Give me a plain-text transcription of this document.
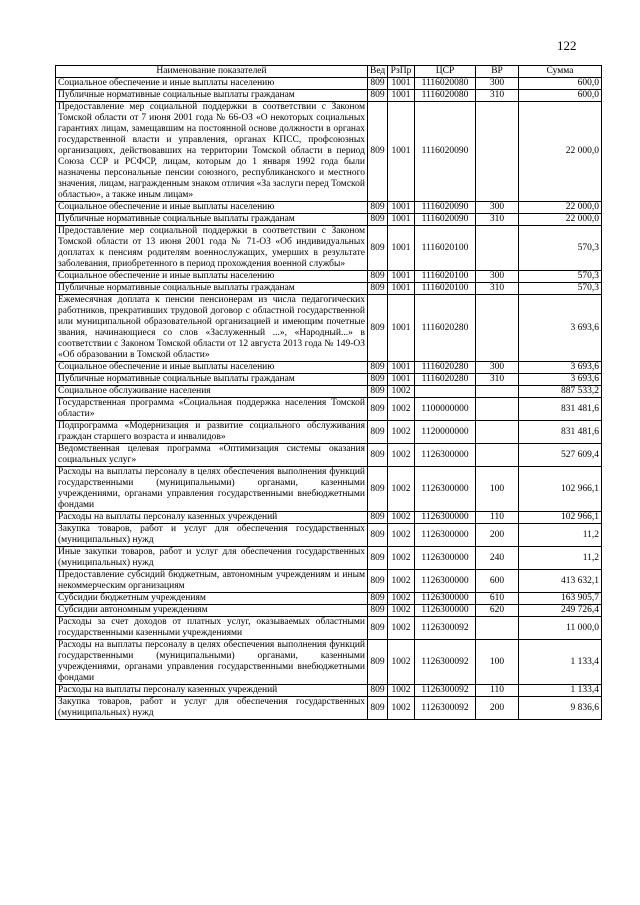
122
Наименование показателей	Вед	РзПр	ЦСР	ВР	Сумма
Социальное обеспечение и иные выплаты населению	809	1001	1116020080	300	600,0
Публичные нормативные социальные выплаты гражданам	809	1001	1116020080	310	600,0
Предоставление мер социальной поддержки в соответствии с Законом Томской области от 7 июня 2001 года № 66-ОЗ «О некоторых социальных гарантиях лицам, замещавшим на постоянной основе должности в органах государственной власти и управления, органах КПСС, профсоюзных организациях, действовавших на территории Томской области в период Союза ССР и РСФСР, лицам, которым до 1 января 1992 года были назначены персональные пенсии союзного, республиканского и местного значения, лицам, награжденным знаком отличия «За заслуги перед Томской областью», а также иным лицам»	809	1001	1116020090		22 000,0
Социальное обеспечение и иные выплаты населению	809	1001	1116020090	300	22 000,0
Публичные нормативные социальные выплаты гражданам	809	1001	1116020090	310	22 000,0
Предоставление мер социальной поддержки в соответствии с Законом Томской области от 13 июня 2001 года № 71-ОЗ «Об индивидуальных доплатах к пенсиям родителям военнослужащих, умерших в результате заболевания, приобретенного в период прохождения военной службы»	809	1001	1116020100		570,3
Социальное обеспечение и иные выплаты населению	809	1001	1116020100	300	570,3
Публичные нормативные социальные выплаты гражданам	809	1001	1116020100	310	570,3
Ежемесячная доплата к пенсии пенсионерам из числа педагогических работников, прекративших трудовой договор с областной государственной или муниципальной образовательной организацией и имеющим почетные звания, начинающиеся со слов «Заслуженный ...», «Народный...» в соответствии с Законом Томской области от 12 августа 2013 года № 149-ОЗ «Об образовании в Томской области»	809	1001	1116020280		3 693,6
Социальное обеспечение и иные выплаты населению	809	1001	1116020280	300	3 693,6
Публичные нормативные социальные выплаты гражданам	809	1001	1116020280	310	3 693,6
Социальное обслуживание населения	809	1002			887 533,2
Государственная программа «Социальная поддержка населения Томской области»	809	1002	1100000000		831 481,6
Подпрограмма «Модернизация и развитие социального обслуживания граждан старшего возраста и инвалидов»	809	1002	1120000000		831 481,6
Ведомственная целевая программа «Оптимизация системы оказания социальных услуг»	809	1002	1126300000		527 609,4
Расходы на выплаты персоналу в целях обеспечения выполнения функций государственными (муниципальными) органами, казенными учреждениями, органами управления государственными внебюджетными фондами	809	1002	1126300000	100	102 966,1
Расходы на выплаты персоналу казенных учреждений	809	1002	1126300000	110	102 966,1
Закупка товаров, работ и услуг для обеспечения государственных (муниципальных) нужд	809	1002	1126300000	200	11,2
Иные закупки товаров, работ и услуг для обеспечения государственных (муниципальных) нужд	809	1002	1126300000	240	11,2
Предоставление субсидий бюджетным, автономным учреждениям и иным некоммерческим организациям	809	1002	1126300000	600	413 632,1
Субсидии бюджетным учреждениям	809	1002	1126300000	610	163 905,7
Субсидии автономным учреждениям	809	1002	1126300000	620	249 726,4
Расходы за счет доходов от платных услуг, оказываемых областными государственными казенными учреждениями	809	1002	1126300092		11 000,0
Расходы на выплаты персоналу в целях обеспечения выполнения функций государственными (муниципальными) органами, казенными учреждениями, органами управления государственными внебюджетными фондами	809	1002	1126300092	100	1 133,4
Расходы на выплаты персоналу казенных учреждений	809	1002	1126300092	110	1 133,4
Закупка товаров, работ и услуг для обеспечения государственных (муниципальных) нужд	809	1002	1126300092	200	9 836,6
